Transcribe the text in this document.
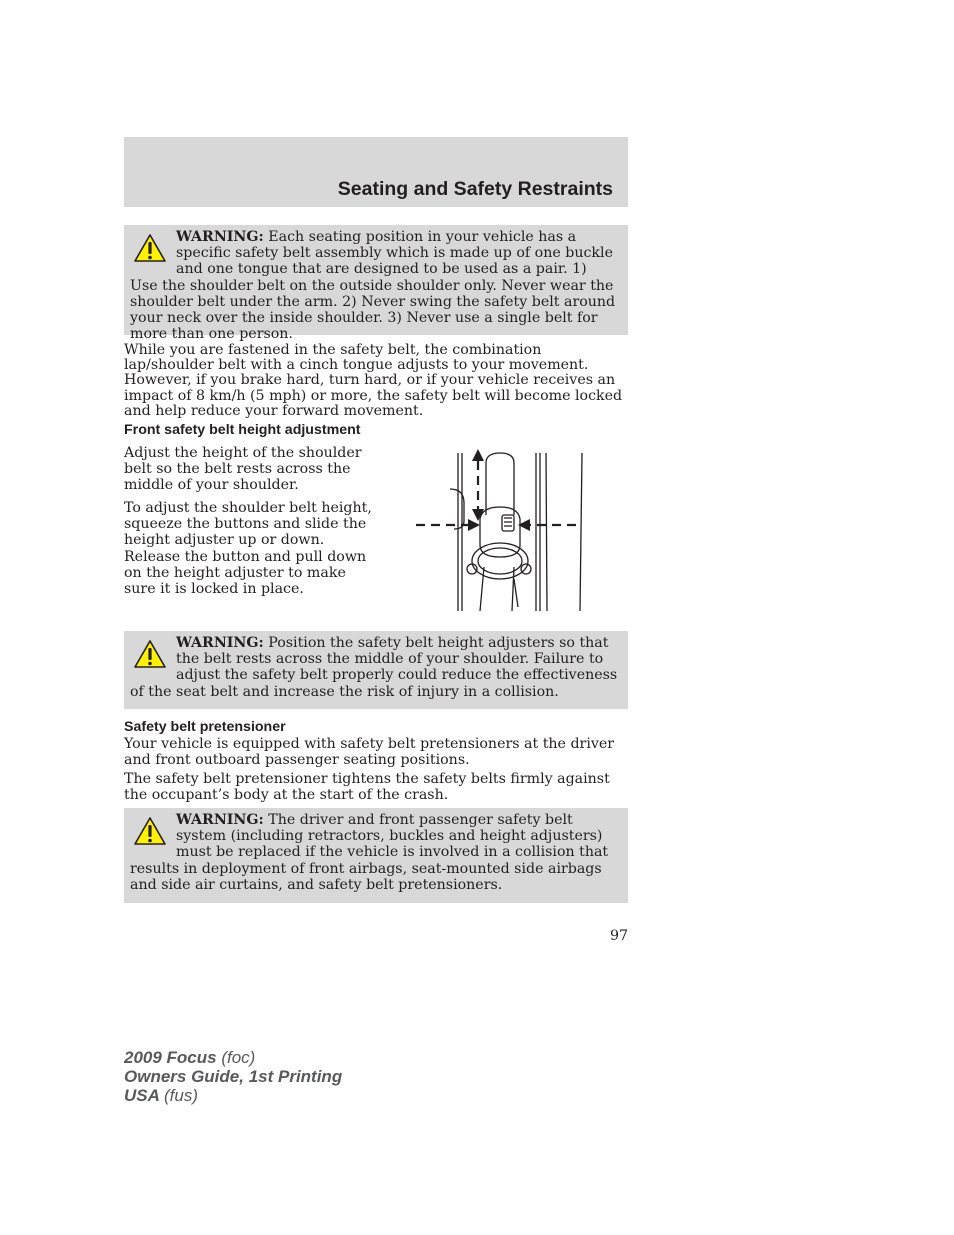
Seating and Safety Restraints
WARNING: Each seating position in your vehicle has a specific safety belt assembly which is made up of one buckle and one tongue that are designed to be used as a pair. 1) Use the shoulder belt on the outside shoulder only. Never wear the shoulder belt under the arm. 2) Never swing the safety belt around your neck over the inside shoulder. 3) Never use a single belt for more than one person.

While you are fastened in the safety belt, the combination lap/shoulder belt with a cinch tongue adjusts to your movement. However, if you brake hard, turn hard, or if your vehicle receives an impact of 8 km/h (5 mph) or more, the safety belt will become locked and help reduce your forward movement.

Front safety belt height adjustment

Adjust the height of the shoulder belt so the belt rests across the middle of your shoulder.

To adjust the shoulder belt height, squeeze the buttons and slide the height adjuster up or down. Release the button and pull down on the height adjuster to make sure it is locked in place.

WARNING: Position the safety belt height adjusters so that the belt rests across the middle of your shoulder. Failure to adjust the safety belt properly could reduce the effectiveness of the seat belt and increase the risk of injury in a collision.
Safety belt pretensioner

Your vehicle is equipped with safety belt pretensioners at the driver and front outboard passenger seating positions.

The safety belt pretensioner tightens the safety belts firmly against the occupant’s body at the start of the crash.

WARNING: The driver and front passenger safety belt system (including retractors, buckles and height adjusters) must be replaced if the vehicle is involved in a collision that results in deployment of front airbags, seat-mounted side airbags and side air curtains, and safety belt pretensioners.
97
2009 Focus (foc)
Owners Guide, 1st Printing
USA (fus)
